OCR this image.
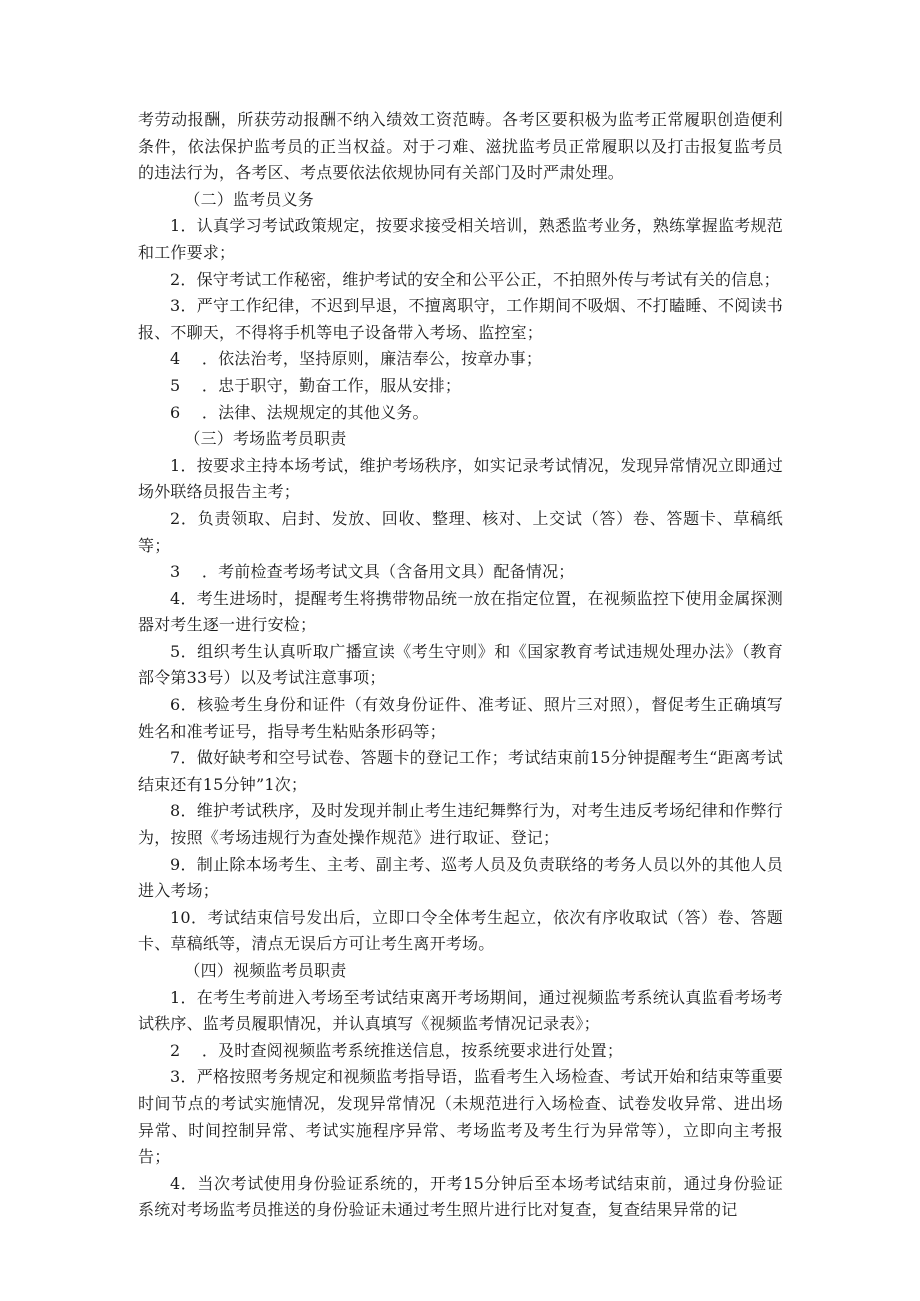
考劳动报酬，所获劳动报酬不纳入绩效工资范畴。各考区要积极为监考正常履职创造便利条件，依法保护监考员的正当权益。对于刁难、滋扰监考员正常履职以及打击报复监考员的违法行为，各考区、考点要依法依规协同有关部门及时严肃处理。

（二）监考员义务

1．认真学习考试政策规定，按要求接受相关培训，熟悉监考业务，熟练掌握监考规范和工作要求；

2．保守考试工作秘密，维护考试的安全和公平公正，不拍照外传与考试有关的信息；

3．严守工作纪律，不迟到早退，不擅离职守，工作期间不吸烟、不打瞌睡、不阅读书报、不聊天，不得将手机等电子设备带入考场、监控室；

4　 ．依法治考，坚持原则，廉洁奉公，按章办事；

5　 ．忠于职守，勤奋工作，服从安排；

6　 ．法律、法规规定的其他义务。

（三）考场监考员职责

1．按要求主持本场考试，维护考场秩序，如实记录考试情况，发现异常情况立即通过场外联络员报告主考；

2．负责领取、启封、发放、回收、整理、核对、上交试（答）卷、答题卡、草稿纸等；

3　 ．考前检查考场考试文具（含备用文具）配备情况；

4．考生进场时，提醒考生将携带物品统一放在指定位置，在视频监控下使用金属探测器对考生逐一进行安检；

5．组织考生认真听取广播宣读《考生守则》和《国家教育考试违规处理办法》（教育部令第33号）以及考试注意事项；

6．核验考生身份和证件（有效身份证件、准考证、照片三对照），督促考生正确填写姓名和准考证号，指导考生粘贴条形码等；

7．做好缺考和空号试卷、答题卡的登记工作；考试结束前15分钟提醒考生“距离考试结束还有15分钟”1次；

8．维护考试秩序，及时发现并制止考生违纪舞弊行为，对考生违反考场纪律和作弊行为，按照《考场违规行为查处操作规范》进行取证、登记；

9．制止除本场考生、主考、副主考、巡考人员及负责联络的考务人员以外的其他人员进入考场；

10．考试结束信号发出后，立即口令全体考生起立，依次有序收取试（答）卷、答题卡、草稿纸等，清点无误后方可让考生离开考场。

（四）视频监考员职责

1．在考生考前进入考场至考试结束离开考场期间，通过视频监考系统认真监看考场考试秩序、监考员履职情况，并认真填写《视频监考情况记录表》；

2　 ．及时查阅视频监考系统推送信息，按系统要求进行处置；

3．严格按照考务规定和视频监考指导语，监看考生入场检查、考试开始和结束等重要时间节点的考试实施情况，发现异常情况（未规范进行入场检查、试卷发收异常、进出场异常、时间控制异常、考试实施程序异常、考场监考及考生行为异常等），立即向主考报告；

4．当次考试使用身份验证系统的，开考15分钟后至本场考试结束前，通过身份验证系统对考场监考员推送的身份验证未通过考生照片进行比对复查，复查结果异常的记
